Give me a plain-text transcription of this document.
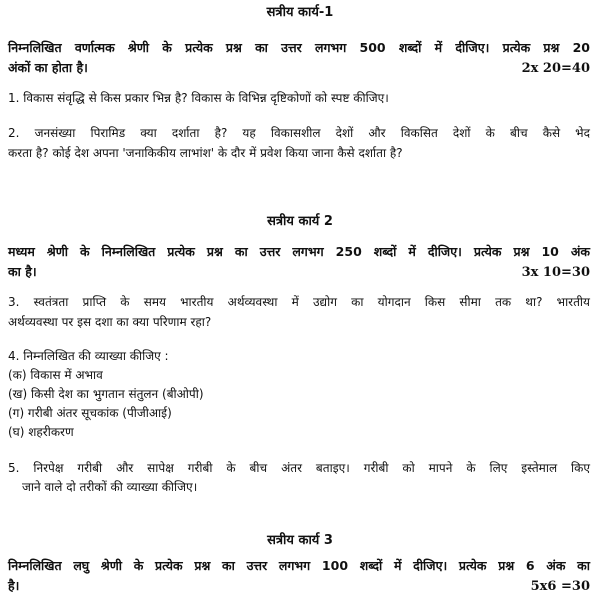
सत्रीय कार्य-1
निम्नलिखित वर्णात्मक श्रेणी के प्रत्येक प्रश्न का उत्तर लगभग 500 शब्दों में दीजिए। प्रत्येक प्रश्न 20
अंकों का होता है।	2x 20=40
1. विकास संवृद्धि से किस प्रकार भिन्न है? विकास के विभिन्न दृष्टिकोणों को स्पष्ट कीजिए।
2. जनसंख्या पिरामिड क्या दर्शाता है? यह विकासशील देशों और विकसित देशों के बीच कैसे भेद
करता है? कोई देश अपना 'जनाकिकीय लाभांश' के दौर में प्रवेश किया जाना कैसे दर्शाता है?
सत्रीय कार्य 2
मध्यम श्रेणी के निम्नलिखित प्रत्येक प्रश्न का उत्तर लगभग 250 शब्दों में दीजिए। प्रत्येक प्रश्न 10 अंक
का है।	3x 10=30
3. स्वतंत्रता प्राप्ति के समय भारतीय अर्थव्यवस्था में उद्योग का योगदान किस सीमा तक था? भारतीय
अर्थव्यवस्था पर इस दशा का क्या परिणाम रहा?
4. निम्नलिखित की व्याख्या कीजिए :
(क) विकास में अभाव
(ख) किसी देश का भुगतान संतुलन (बीओपी)
(ग) गरीबी अंतर सूचकांक (पीजीआई)
(घ) शहरीकरण
5. निरपेक्ष गरीबी और सापेक्ष गरीबी के बीच अंतर बताइए। गरीबी को मापने के लिए इस्तेमाल किए
जाने वाले दो तरीकों की व्याख्या कीजिए।
सत्रीय कार्य 3
निम्नलिखित लघु श्रेणी के प्रत्येक प्रश्न का उत्तर लगभग 100 शब्दों में दीजिए। प्रत्येक प्रश्न 6 अंक का
है।	5x6 =30
